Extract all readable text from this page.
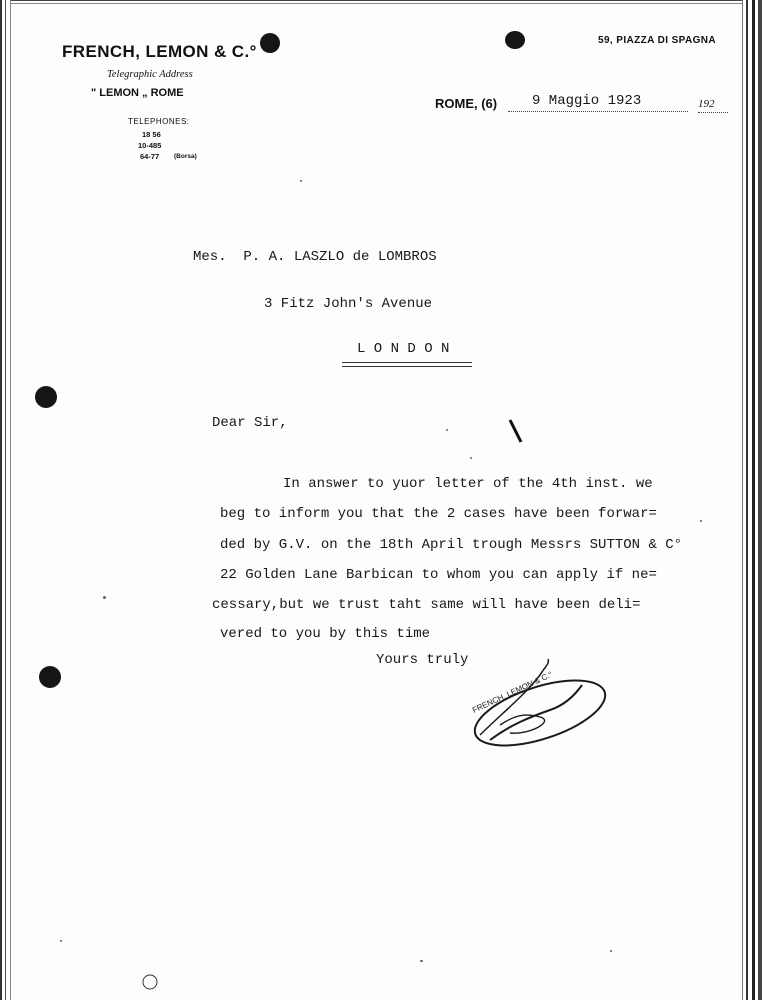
FRENCH, LEMON & C.°
Telegraphic Address
" LEMON „ ROME
TELEPHONES:
18 56
10-485
64-77 (Borsa)
59, PIAZZA DI SPAGNA
ROME, (6) 9 Maggio 1923	192
Mes.  P. A. LASZLO de LOMBROS
3 Fitz John's Avenue
L O N D O N
Dear Sir,
In answer to yuor letter of the 4th inst. we
beg to inform you that the 2 cases have been forwar=
ded by G.V. on the 18th April trough Messrs SUTTON & C°
22 Golden Lane Barbican to whom you can apply if ne=
cessary,but we trust taht same will have been deli=
vered to you by this time
Yours truly
FRENCH, LEMON & C.°
